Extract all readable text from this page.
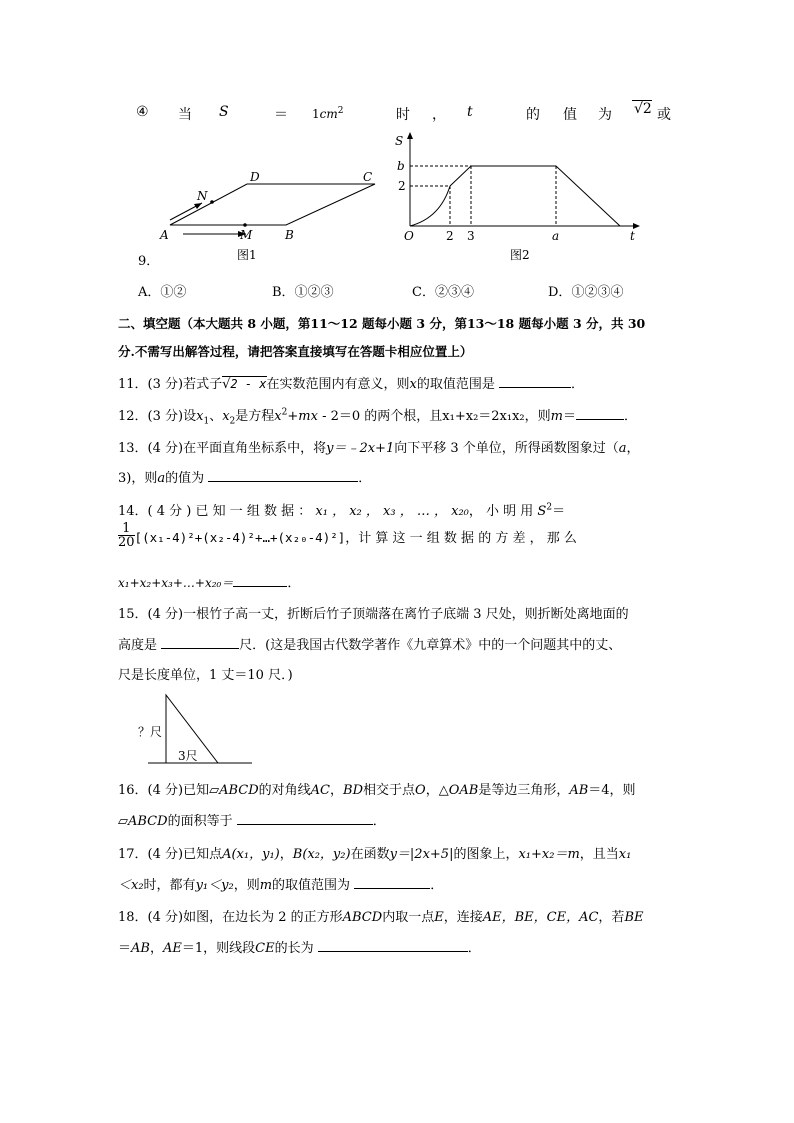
④ 当 S	＝ $1cm^2$	时 ， t	的 值 为 √2 或
9．
A	B
C
D
M
N
图1
S
b
2
O	2 3	a	t
图2
A．①②	B．①②③	C．②③④	D．①②③④
二、填空题（本大题共 8 小题，第11～12 题每小题 3 分，第13～18 题每小题 3 分，共 30
分.不需写出解答过程，请把答案直接填写在答题卡相应位置上）
11．(3 分)若式子√2 - x在实数范围内有意义，则x的取值范围是	．
12．(3 分)设$x_1$、$x_2$是方程$x^2+mx - 2=0$ 的两个根，且x₁+x₂＝2x₁x₂，则m＝	．
13．(4 分)在平面直角坐标系中，将y＝﹣2x+1向下平移 3 个单位，所得函数图象过（a，
3)，则a的值为	．
14．( 4 分 ) 已 知 一 组 数 据 ： x₁ ， x₂ ， x₃ ， … ， x₂₀， 小 明 用 $S^2=$
$\frac{1}{20}$ [(x₁-4)²+(x₂-4)²+…+(x₂₀-4)²]，计 算 这 一 组 数 据 的 方 差 ， 那 么
x₁+x₂+x₃+…+x₂₀＝	．
15．(4 分)一根竹子高一丈，折断后竹子顶端落在离竹子底端 3 尺处，则折断处离地面的
高度是	尺．(这是我国古代数学著作《九章算术》中的一个问题其中的丈、
尺是长度单位，1 丈＝10 尺．)
？尺
3尺
16．(4 分)已知▱ABCD的对角线AC，BD相交于点O，△OAB是等边三角形，AB＝4，则
▱ABCD的面积等于	．
17．(4 分)已知点A(x₁，y₁)，B(x₂，y₂)在函数y＝|2x+5|的图象上，x₁+x₂＝m，且当x₁
＜x₂时，都有y₁＜y₂，则m的取值范围为	．
18．(4 分)如图，在边长为 2 的正方形ABCD内取一点E，连接AE，BE，CE，AC，若BE
＝AB，AE＝1，则线段CE的长为	．
